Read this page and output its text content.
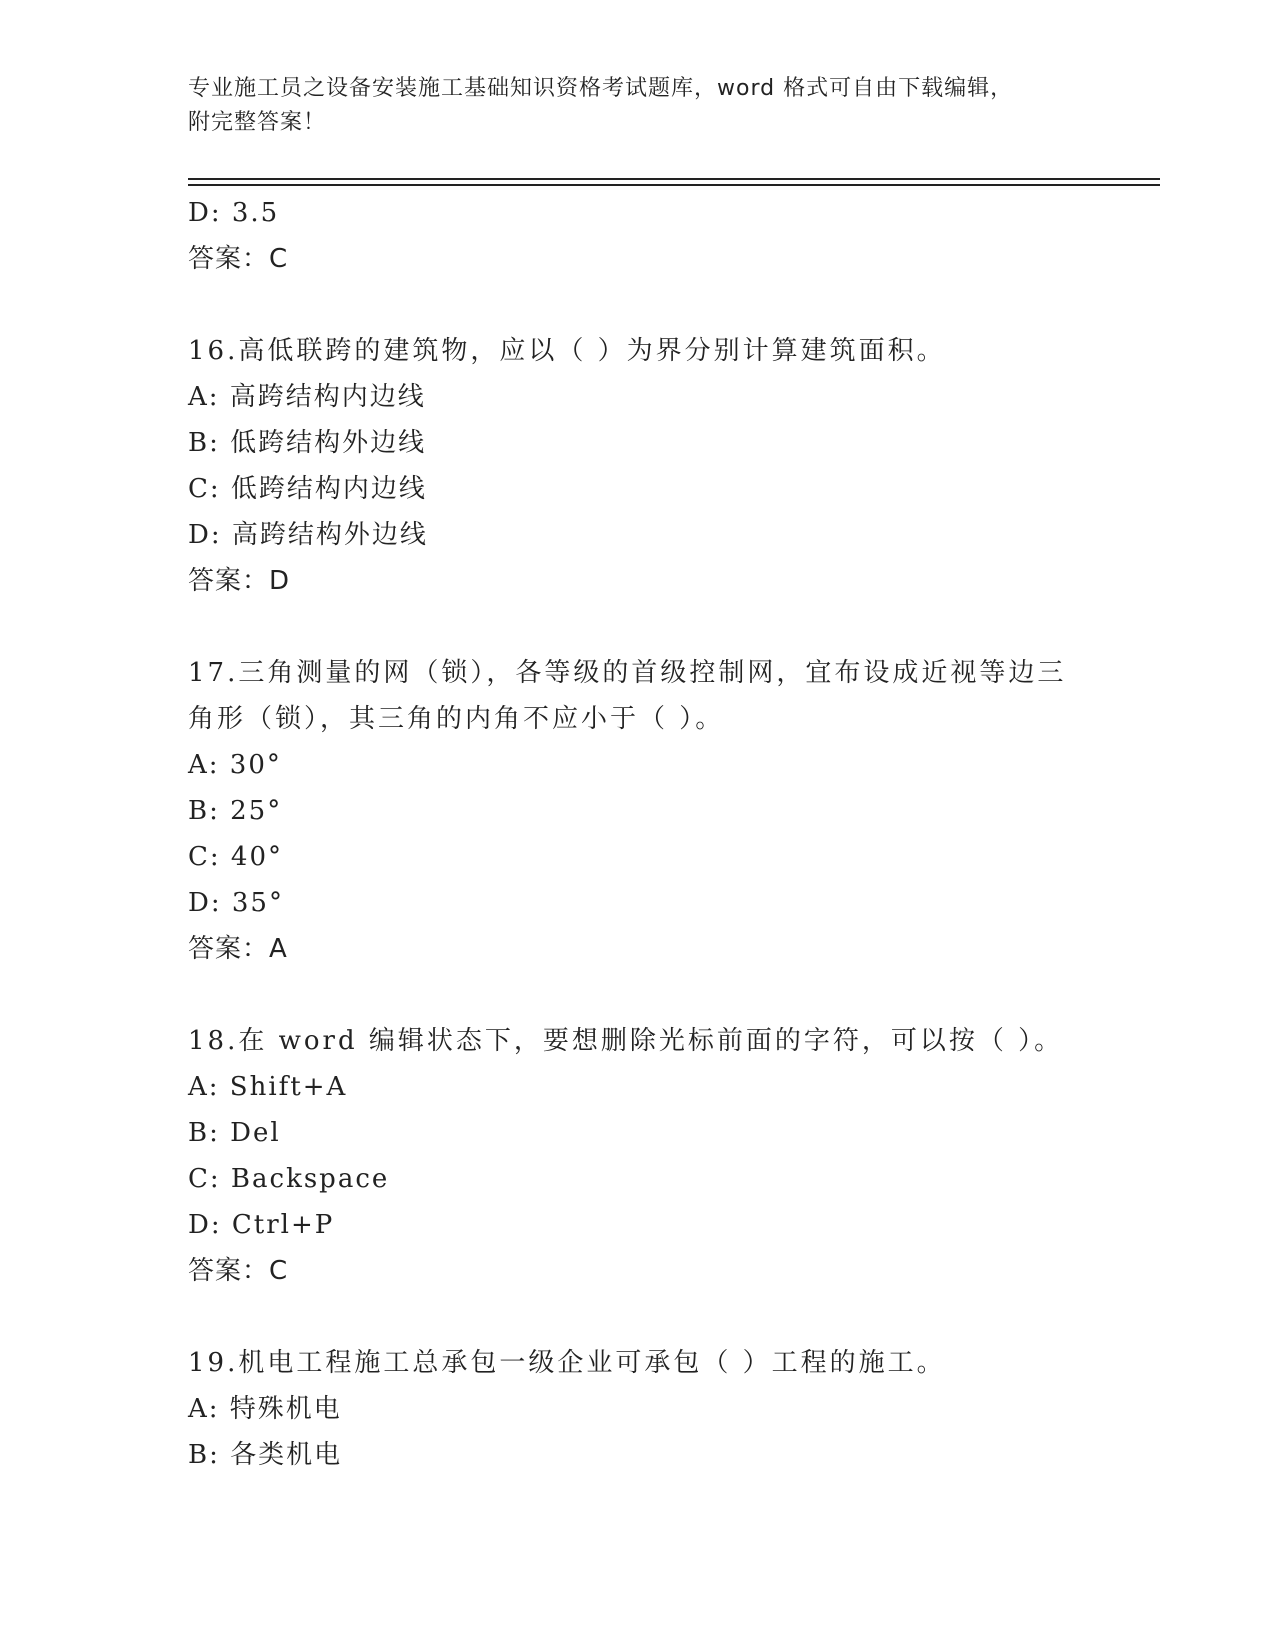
专业施工员之设备安装施工基础知识资格考试题库，word 格式可自由下载编辑，
附完整答案！
D: 3.5
答案：C
16.高低联跨的建筑物，应以（ ）为界分别计算建筑面积。
A: 高跨结构内边线
B: 低跨结构外边线
C: 低跨结构内边线
D: 高跨结构外边线
答案：D
17.三角测量的网（锁），各等级的首级控制网，宜布设成近视等边三
角形（锁），其三角的内角不应小于（ ）。
A: 30°
B: 25°
C: 40°
D: 35°
答案：A
18.在 word 编辑状态下，要想删除光标前面的字符，可以按（ ）。
A: Shift+A
B: Del
C: Backspace
D: Ctrl+P
答案：C
19.机电工程施工总承包一级企业可承包（ ）工程的施工。
A: 特殊机电
B: 各类机电
